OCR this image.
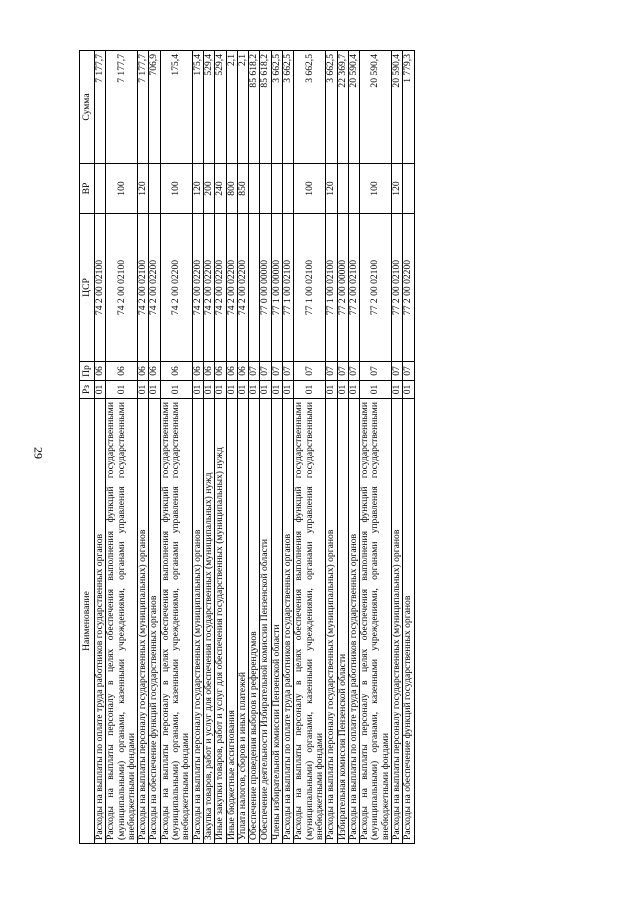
29
Наименование	Рз	Пр	ЦСР	ВР	Сумма
Расходы на выплаты по оплате труда работников государственных органов	01	06	74 2 00 02100		7 177,7
Расходы на выплаты персоналу в целях обеспечения выполнения функций государственными (муниципальными) органами, казенными учреждениями, органами управления государственными внебюджетными фондами	01	06	74 2 00 02100	100	7 177,7
Расходы на выплаты персоналу государственных (муниципальных) органов	01	06	74 2 00 02100	120	7 177,7
Расходы на обеспечение функций государственных органов	01	06	74 2 00 02200		706,9
Расходы на выплаты персоналу в целях обеспечения выполнения функций государственными (муниципальными) органами, казенными учреждениями, органами управления государственными внебюджетными фондами	01	06	74 2 00 02200	100	175,4
Расходы на выплаты персоналу государственных (муниципальных) органов	01	06	74 2 00 02200	120	175,4
Закупка товаров, работ и услуг для обеспечения государственных (муниципальных) нужд	01	06	74 2 00 02200	200	529,4
Иные закупки товаров, работ и услуг для обеспечения государственных (муниципальных) нужд	01	06	74 2 00 02200	240	529,4
Иные бюджетные ассигнования	01	06	74 2 00 02200	800	2,1
Уплата налогов, сборов и иных платежей	01	06	74 2 00 02200	850	2,1
Обеспечение проведения выборов и референдумов	01	07			85 618,2
Обеспечение деятельности Избирательной комиссии Пензенской области	01	07	77 0 00 00000		85 618,2
Члены избирательной комиссии Пензенской области	01	07	77 1 00 00000		3 662,5
Расходы на выплаты по оплате труда работников государственных органов	01	07	77 1 00 02100		3 662,5
Расходы на выплаты персоналу в целях обеспечения выполнения функций государственными (муниципальными) органами, казенными учреждениями, органами управления государственными внебюджетными фондами	01	07	77 1 00 02100	100	3 662,5
Расходы на выплаты персоналу государственных (муниципальных) органов	01	07	77 1 00 02100	120	3 662,5
Избирательная комиссия Пензенской области	01	07	77 2 00 00000		22 369,7
Расходы на выплаты по оплате труда работников государственных органов	01	07	77 2 00 02100		20 590,4
Расходы на выплаты персоналу в целях обеспечения выполнения функций государственными (муниципальными) органами, казенными учреждениями, органами управления государственными внебюджетными фондами	01	07	77 2 00 02100	100	20 590,4
Расходы на выплаты персоналу государственных (муниципальных) органов	01	07	77 2 00 02100	120	20 590,4
Расходы на обеспечение функций государственных органов	01	07	77 2 00 02200		1 779,3
